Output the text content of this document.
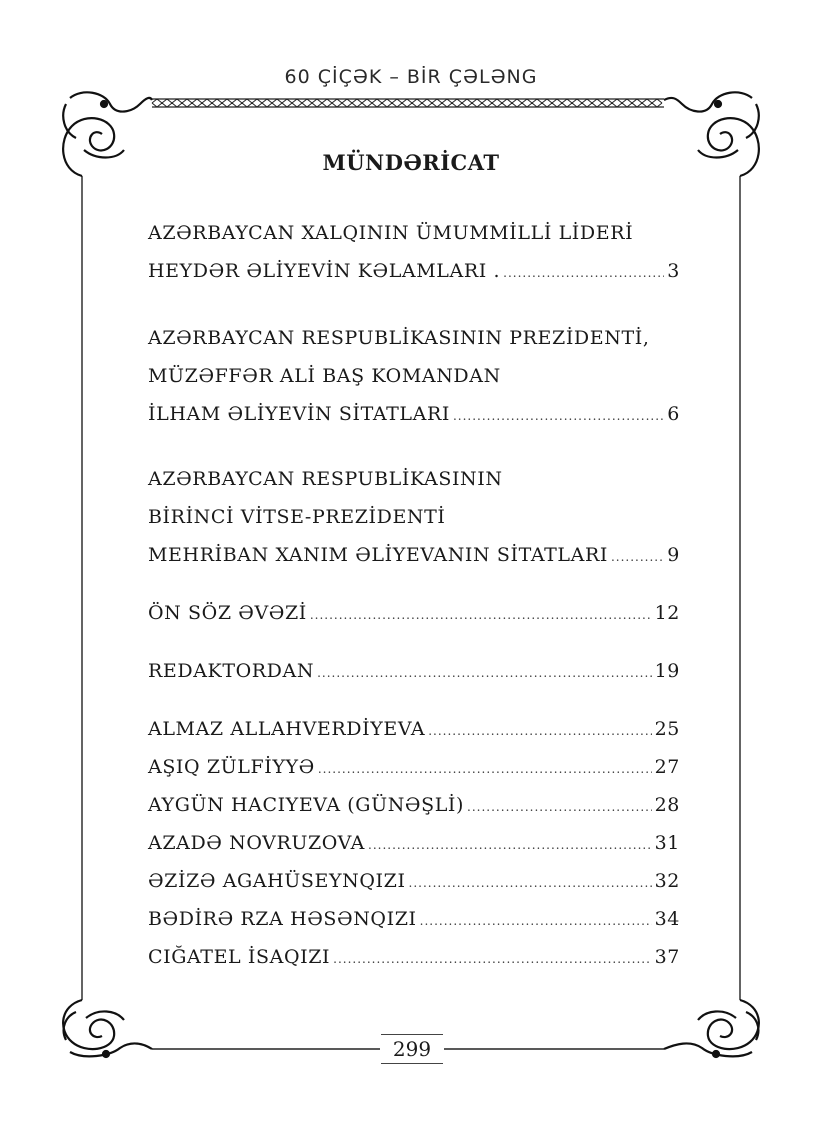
60 ÇİÇƏK – BİR ÇƏLƏNG
MÜNDƏRİCAT
AZƏRBAYCAN XALQININ ÜMUMMİLLİ LİDERİ
HEYDƏR ƏLİYEVİN KƏLAMLARI . .....	3
AZƏRBAYCAN RESPUBLİKASININ PREZİDENTİ,
MÜZƏFFƏR ALİ BAŞ KOMANDAN
İLHAM ƏLİYEVİN SİTATLARI .....	6
AZƏRBAYCAN RESPUBLİKASININ
BİRİNCİ VİTSE-PREZİDENTİ
MEHRİBAN XANIM ƏLİYEVANIN SİTATLARI .....	9
ÖN SÖZ ƏVƏZİ .....	12
REDAKTORDAN .....	19
ALMAZ ALLAHVERDİYEVA .....	25
AŞIQ ZÜLFİYYƏ .....	27
AYGÜN HACIYEVA (GÜNƏŞLİ) .....	28
AZADƏ NOVRUZOVA .....	31
ƏZİZƏ AGAHÜSEYNQIZI .....	32
BƏDİRƏ RZA HƏSƏNQIZI .....	34
CIĞATEL İSAQIZI .....	37
299
